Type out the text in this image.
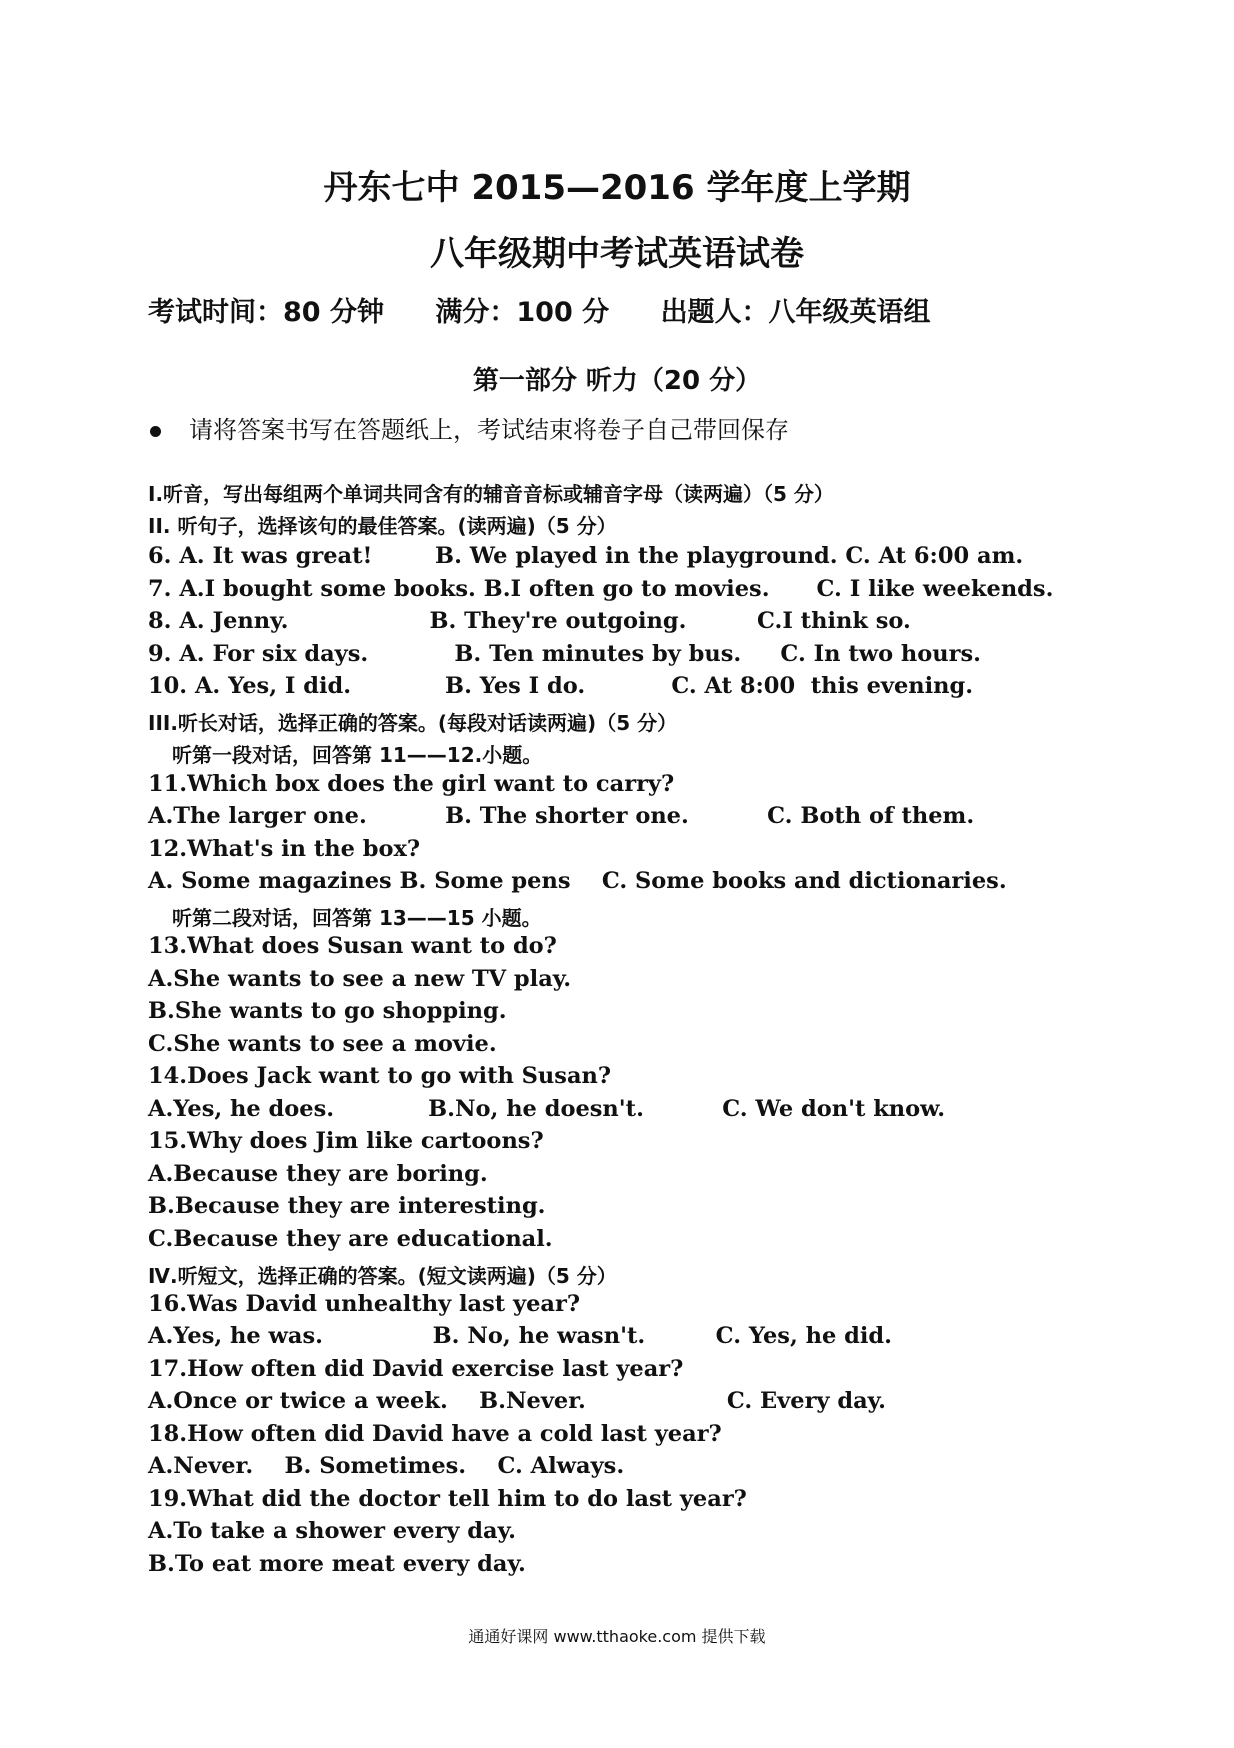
丹东七中 2015—2016 学年度上学期
八年级期中考试英语试卷
考试时间：80 分钟 满分：100 分 出题人：八年级英语组
第一部分 听力（20 分）
请将答案书写在答题纸上，考试结束将卷子自己带回保存
I.听音，写出每组两个单词共同含有的辅音音标或辅音字母（读两遍）（5 分）
II. 听句子，选择该句的最佳答案。(读两遍)（5 分）
6. A. It was great!        B. We played in the playground. C. At 6:00 am.
7. A.I bought some books. B.I often go to movies.      C. I like weekends.
8. A. Jenny.                  B. They're outgoing.         C.I think so.
9. A. For six days.           B. Ten minutes by bus.     C. In two hours.
10. A. Yes, I did.            B. Yes I do.           C. At 8:00  this evening.
III.听长对话，选择正确的答案。(每段对话读两遍)（5 分）
听第一段对话，回答第 11——12.小题。
11.Which box does the girl want to carry?
A.The larger one.          B. The shorter one.          C. Both of them.
12.What's in the box?
A. Some magazines B. Some pens    C. Some books and dictionaries.
听第二段对话，回答第 13——15 小题。
13.What does Susan want to do?
A.She wants to see a new TV play.
B.She wants to go shopping.
C.She wants to see a movie.
14.Does Jack want to go with Susan?
A.Yes, he does.            B.No, he doesn't.          C. We don't know.
15.Why does Jim like cartoons?
A.Because they are boring.
B.Because they are interesting.
C.Because they are educational.
Ⅳ.听短文，选择正确的答案。(短文读两遍)（5 分）
16.Was David unhealthy last year?
A.Yes, he was.              B. No, he wasn't.         C. Yes, he did.
17.How often did David exercise last year?
A.Once or twice a week.    B.Never.                  C. Every day.
18.How often did David have a cold last year?
A.Never.    B. Sometimes.    C. Always.
19.What did the doctor tell him to do last year?
A.To take a shower every day.
B.To eat more meat every day.
通通好课网 www.tthaoke.com 提供下载
